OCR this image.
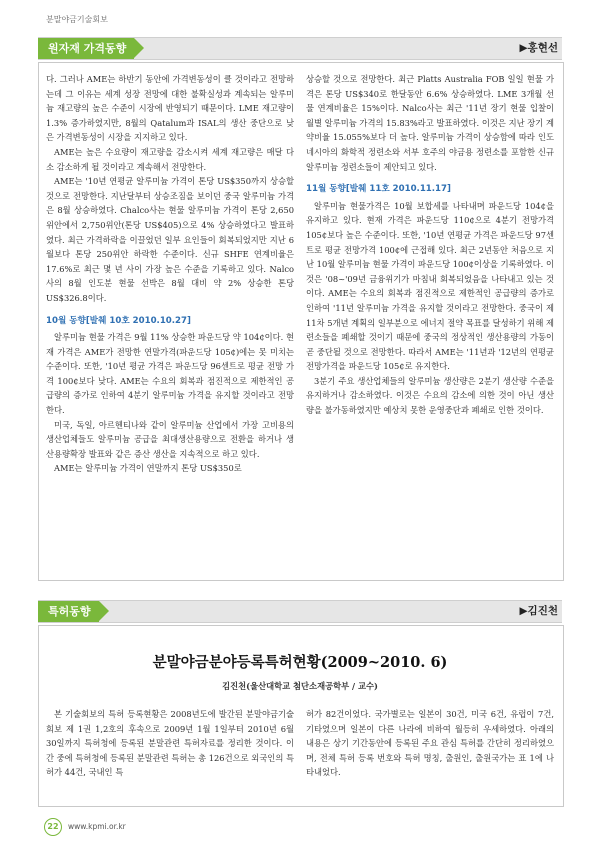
분말야금기술회보
원자재 가격동향	▶홍현선

다. 그러나 AME는 하반기 동안에 가격변동성이 클 것이라고 전망하는데 그 이유는 세계 성장 전망에 대한 불확실성과 계속되는 알루미늄 재고량의 높은 수준이 시장에 반영되기 때문이다. LME 재고량이 1.3% 증가하였지만, 8월의 Qatalum과 ISAL의 생산 중단으로 낮은 가격변동성이 시장을 지지하고 있다.

AME는 높은 수요량이 재고량을 감소시켜 세계 재고량은 매달 다소 감소하게 될 것이라고 계속해서 전망한다.

AME는 '10년 연평균 알루미늄 가격이 톤당 US$350까지 상승할 것으로 전망한다. 지난달부터 상승조짐을 보이던 중국 알루미늄 가격은 8월 상승하였다. Chalco사는 현물 알루미늄 가격이 톤당 2,650위안에서 2,750위안(톤당 US$405)으로 4% 상승하였다고 발표하였다. 최근 가격하락을 이끌었던 일부 요인들이 회복되었지만 지난 6월보다 톤당 250위안 하락한 수준이다. 신규 SHFE 연계비율은 17.6%로 최근 몇 년 사이 가장 높은 수준을 기록하고 있다. Nalco사의 8월 인도분 현물 선박은 8월 대비 약 2% 상승한 톤당 US$326.8이다.

10월 동향[발췌 10호 2010.10.27]

알루미늄 현물 가격은 9월 11% 상승한 파운드당 약 104¢이다. 현재 가격은 AME가 전망한 연말가격(파운드당 105¢)에는 못 미치는 수준이다. 또한, '10년 평균 가격은 파운드당 96센트로 평균 전망 가격 100¢보다 낮다. AME는 수요의 회복과 점진적으로 제한적인 공급량의 증가로 인하여 4분기 알루미늄 가격을 유지할 것이라고 전망한다.

미국, 독일, 아르헨티나와 같이 알루미늄 산업에서 가장 고비용의 생산업체들도 알루미늄 공급을 최대생산용량으로 전환을 하거나 생산용량확장 발표와 같은 증산 생산을 지속적으로 하고 있다.

AME는 알루미늄 가격이 연말까지 톤당 US$350로

상승할 것으로 전망한다. 최근 Platts Australia FOB 일일 현물 가격은 톤당 US$340로 한달동안 6.6% 상승하였다. LME 3개월 선물 연계비율은 15%이다. Nalco사는 최근 '11년 장기 현물 입찰이 월별 알루미늄 가격의 15.83%라고 발표하였다. 이것은 지난 장기 계약비율 15.055%보다 더 높다. 알루미늄 가격이 상승함에 따라 인도네시아의 화학적 정련소와 서부 호주의 야금용 정련소를 포함한 신규 알루미늄 정련소들이 제안되고 있다.

11월 동향[발췌 11호 2010.11.17]

알루미늄 현물가격은 10월 보합세를 나타내며 파운드당 104¢을 유지하고 있다. 현재 가격은 파운드당 110¢으로 4분기 전망가격 105¢보다 높은 수준이다. 또한, '10년 연평균 가격은 파운드당 97센트로 평균 전망가격 100¢에 근접해 있다. 최근 2년동안 처음으로 지난 10월 알루미늄 현물 가격이 파운드당 100¢이상을 기록하였다. 이것은 '08~'09년 금융위기가 마침내 회복되었음을 나타내고 있는 것이다. AME는 수요의 회복과 점진적으로 제한적인 공급량의 증가로 인하여 '11년 알루미늄 가격을 유지할 것이라고 전망한다. 중국이 제11차 5개년 계획의 일부분으로 에너지 절약 목표를 달성하기 위해 제련소들을 폐쇄할 것이기 때문에 중국의 정상적인 생산용량의 가동이 곧 중단될 것으로 전망한다. 따라서 AME는 '11년과 '12년의 연평균 전망가격을 파운드당 105¢로 유지한다.

3분기 주요 생산업체들의 알루미늄 생산량은 2분기 생산량 수준을 유지하거나 감소하였다. 이것은 수요의 감소에 의한 것이 아닌 생산량을 불가동하였지만 예상치 못한 운영중단과 폐쇄로 인한 것이다.

특허동향	▶김진천
분말야금분야등록특허현황(2009~2010. 6)
김진천(울산대학교 첨단소재공학부 / 교수)

본 기술회보의 특허 등록현황은 2008년도에 발간된 분말야금기술회보 제 1권 1,2호의 후속으로 2009년 1월 1일부터 2010년 6월 30일까지 특허청에 등록된 분말관련 특허자료를 정리한 것이다. 이간 중에 특허청에 등록된 분말관련 특허는 총 126건으로 외국인의 특허가 44건, 국내인 특

허가 82건이었다. 국가별로는 일본이 30건, 미국 6건, 유럽이 7건, 기타였으며 일본이 다른 나라에 비하여 월등히 우세하였다. 아래의 내용은 상기 기간동안에 등록된 주요 관심 특허를 간단히 정리하였으며, 전체 특허 등록 번호와 특허 명칭, 출원인, 출원국가는 표 1에 나타내었다.

22	www.kpmi.or.kr
